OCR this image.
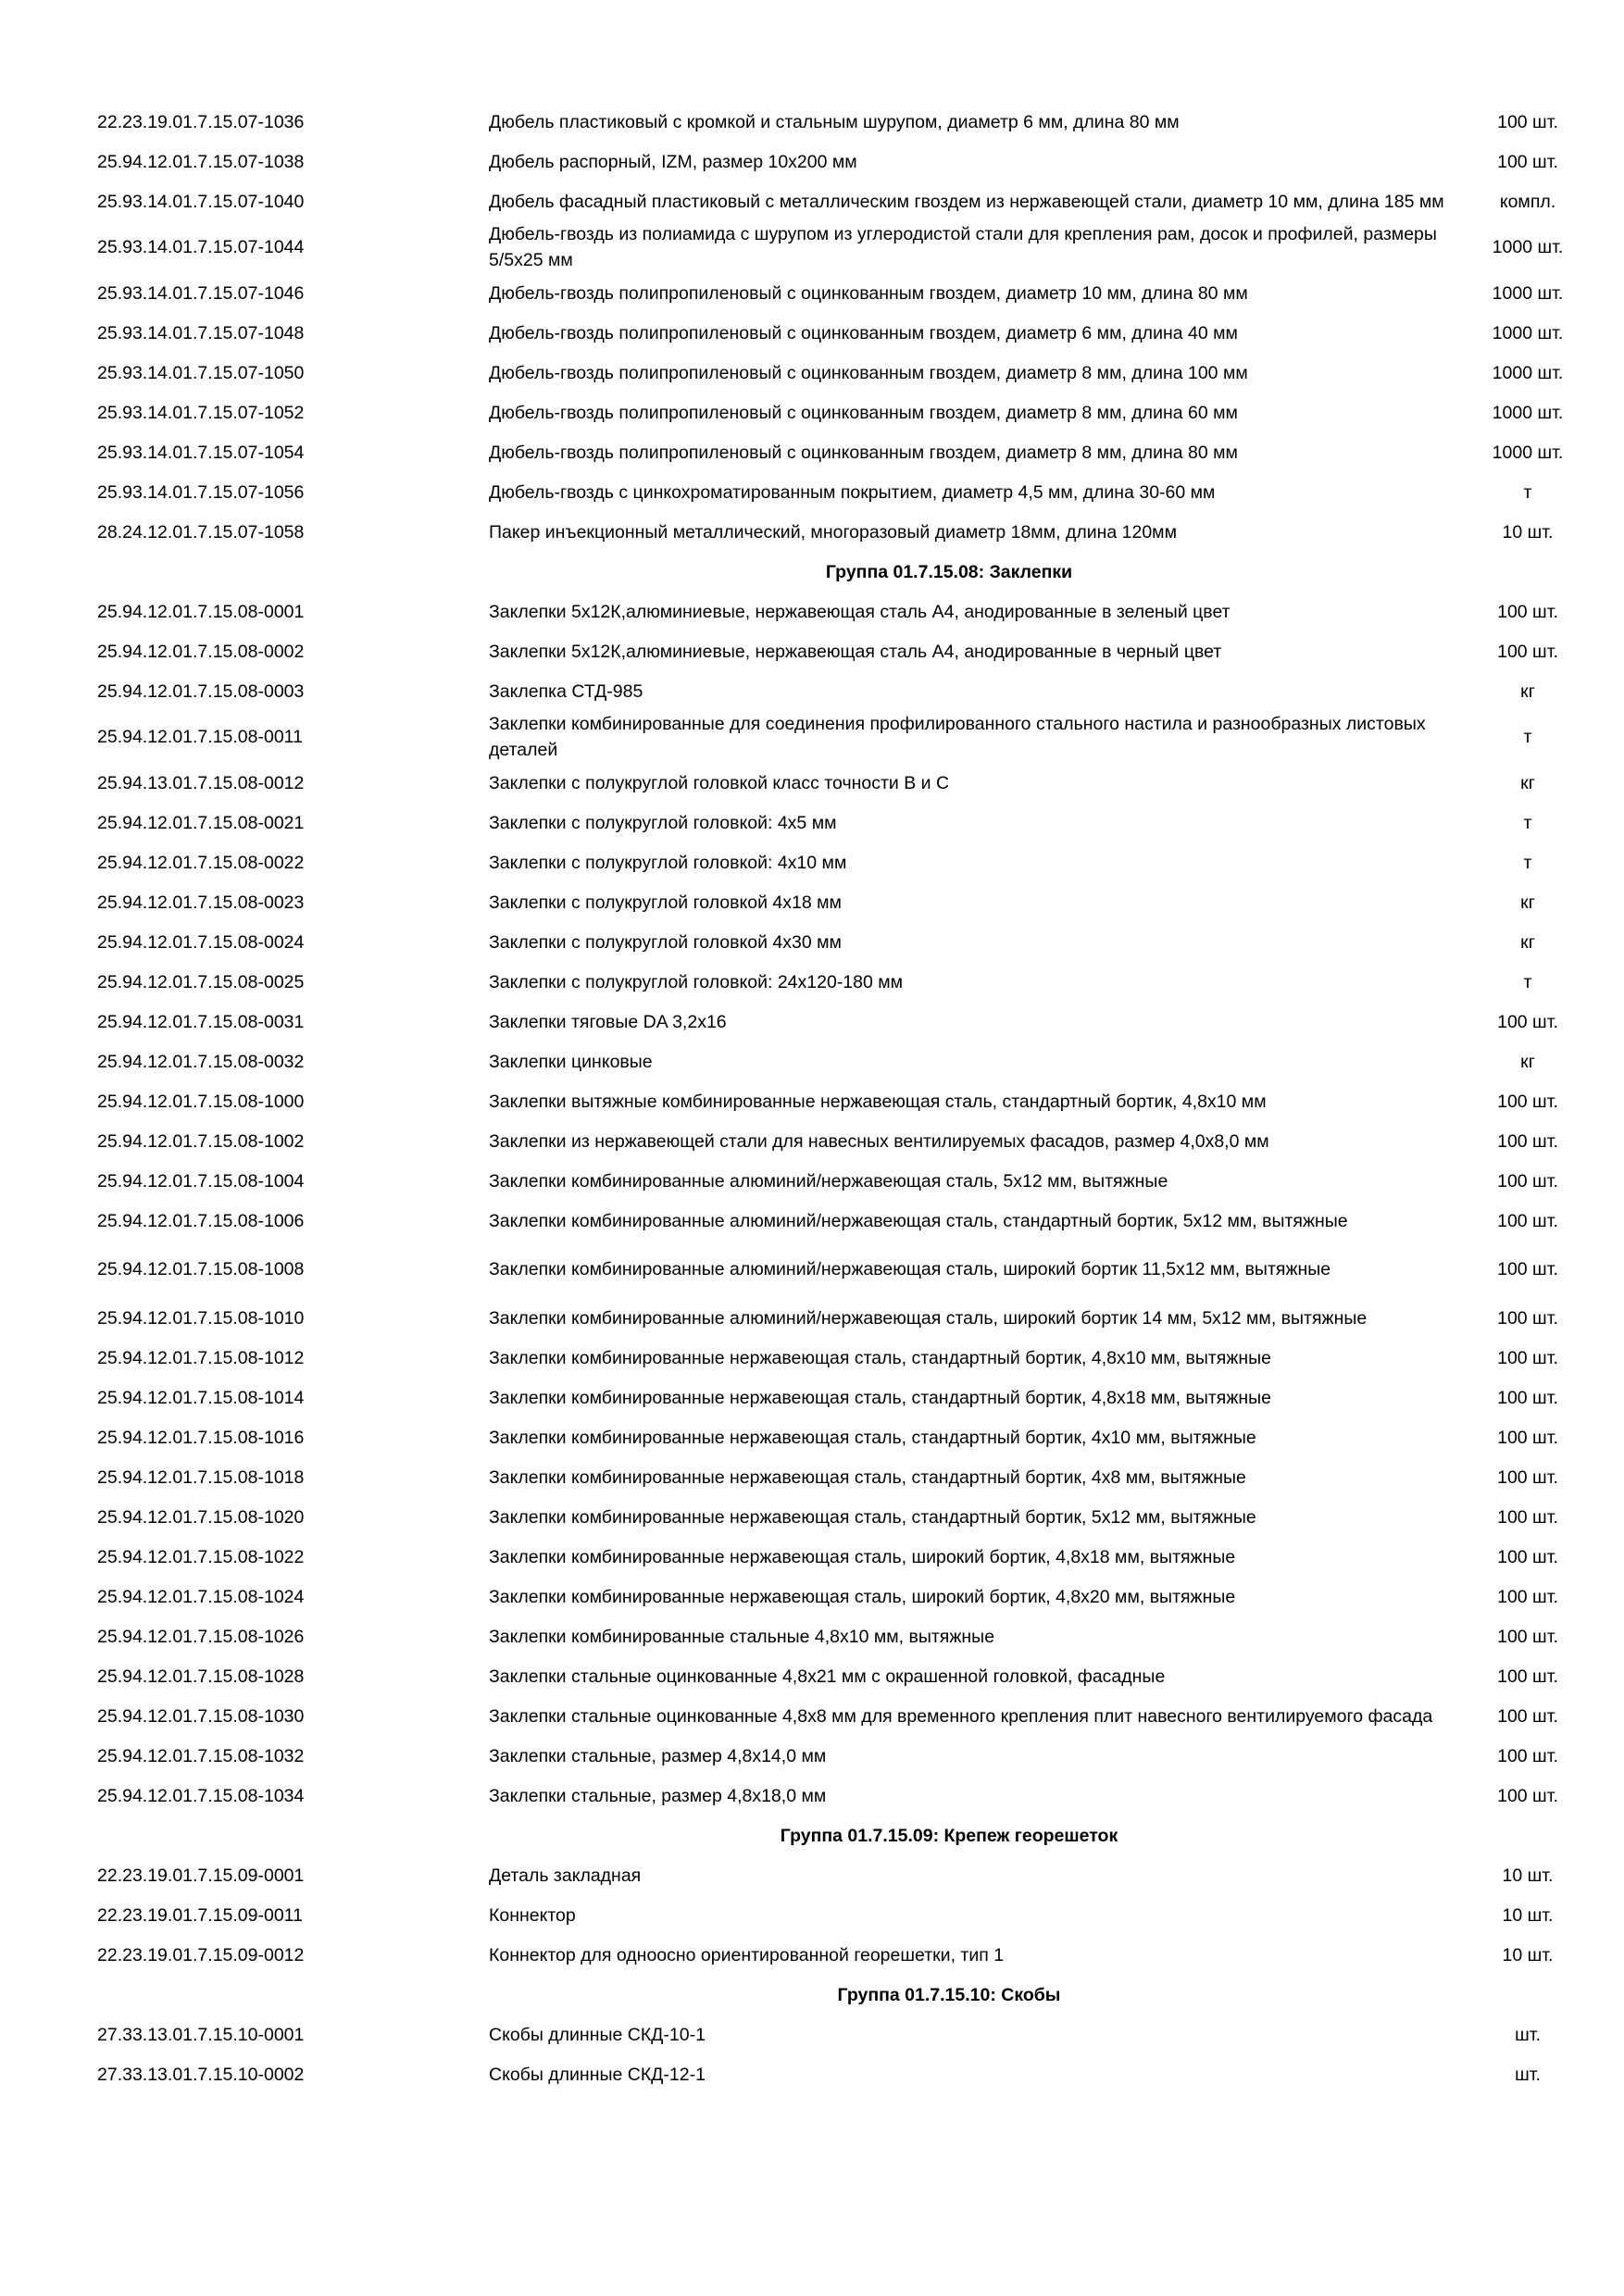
22.23.19.01.7.15.07-1036	Дюбель пластиковый с кромкой и стальным шурупом, диаметр 6 мм, длина 80 мм	100 шт.
25.94.12.01.7.15.07-1038	Дюбель распорный, IZM, размер 10х200 мм	100 шт.
25.93.14.01.7.15.07-1040	Дюбель фасадный пластиковый с металлическим гвоздем из нержавеющей стали, диаметр 10 мм, длина 185 мм	компл.
25.93.14.01.7.15.07-1044	Дюбель-гвоздь из полиамида с шурупом из углеродистой стали для крепления рам, досок и профилей, размеры 5/5х25 мм	1000 шт.
25.93.14.01.7.15.07-1046	Дюбель-гвоздь полипропиленовый с оцинкованным гвоздем, диаметр 10 мм, длина 80 мм	1000 шт.
25.93.14.01.7.15.07-1048	Дюбель-гвоздь полипропиленовый с оцинкованным гвоздем, диаметр 6 мм, длина 40 мм	1000 шт.
25.93.14.01.7.15.07-1050	Дюбель-гвоздь полипропиленовый с оцинкованным гвоздем, диаметр 8 мм, длина 100 мм	1000 шт.
25.93.14.01.7.15.07-1052	Дюбель-гвоздь полипропиленовый с оцинкованным гвоздем, диаметр 8 мм, длина 60 мм	1000 шт.
25.93.14.01.7.15.07-1054	Дюбель-гвоздь полипропиленовый с оцинкованным гвоздем, диаметр 8 мм, длина 80 мм	1000 шт.
25.93.14.01.7.15.07-1056	Дюбель-гвоздь с цинкохроматированным покрытием, диаметр 4,5 мм, длина 30-60 мм	т
28.24.12.01.7.15.07-1058	Пакер инъекционный металлический, многоразовый диаметр 18мм, длина 120мм	10 шт.
Группа 01.7.15.08: Заклепки		
25.94.12.01.7.15.08-0001	Заклепки 5х12К,алюминиевые, нержавеющая сталь А4, анодированные в зеленый цвет	100 шт.
25.94.12.01.7.15.08-0002	Заклепки 5х12К,алюминиевые, нержавеющая сталь А4, анодированные в черный цвет	100 шт.
25.94.12.01.7.15.08-0003	Заклепка СТД-985	кг
25.94.12.01.7.15.08-0011	Заклепки комбинированные для соединения профилированного стального настила и разнообразных листовых деталей	т
25.94.13.01.7.15.08-0012	Заклепки с полукруглой головкой класс точности В и С	кг
25.94.12.01.7.15.08-0021	Заклепки с полукруглой головкой: 4х5 мм	т
25.94.12.01.7.15.08-0022	Заклепки с полукруглой головкой: 4х10 мм	т
25.94.12.01.7.15.08-0023	Заклепки с полукруглой головкой 4х18 мм	кг
25.94.12.01.7.15.08-0024	Заклепки с полукруглой головкой 4х30 мм	кг
25.94.12.01.7.15.08-0025	Заклепки с полукруглой головкой: 24х120-180 мм	т
25.94.12.01.7.15.08-0031	Заклепки тяговые DA 3,2х16	100 шт.
25.94.12.01.7.15.08-0032	Заклепки цинковые	кг
25.94.12.01.7.15.08-1000	Заклепки вытяжные комбинированные нержавеющая сталь, стандартный бортик, 4,8х10 мм	100 шт.
25.94.12.01.7.15.08-1002	Заклепки из нержавеющей стали для навесных вентилируемых фасадов, размер 4,0х8,0 мм	100 шт.
25.94.12.01.7.15.08-1004	Заклепки комбинированные алюминий/нержавеющая сталь, 5х12 мм, вытяжные	100 шт.
25.94.12.01.7.15.08-1006	Заклепки комбинированные алюминий/нержавеющая сталь, стандартный бортик, 5х12 мм, вытяжные	100 шт.
25.94.12.01.7.15.08-1008	Заклепки комбинированные алюминий/нержавеющая сталь, широкий бортик 11,5х12 мм, вытяжные	100 шт.
25.94.12.01.7.15.08-1010	Заклепки комбинированные алюминий/нержавеющая сталь, широкий бортик 14 мм, 5х12 мм, вытяжные	100 шт.
25.94.12.01.7.15.08-1012	Заклепки комбинированные нержавеющая сталь, стандартный бортик, 4,8х10 мм, вытяжные	100 шт.
25.94.12.01.7.15.08-1014	Заклепки комбинированные нержавеющая сталь, стандартный бортик, 4,8х18 мм, вытяжные	100 шт.
25.94.12.01.7.15.08-1016	Заклепки комбинированные нержавеющая сталь, стандартный бортик, 4х10 мм, вытяжные	100 шт.
25.94.12.01.7.15.08-1018	Заклепки комбинированные нержавеющая сталь, стандартный бортик, 4х8 мм, вытяжные	100 шт.
25.94.12.01.7.15.08-1020	Заклепки комбинированные нержавеющая сталь, стандартный бортик, 5х12 мм, вытяжные	100 шт.
25.94.12.01.7.15.08-1022	Заклепки комбинированные нержавеющая сталь, широкий бортик, 4,8х18 мм, вытяжные	100 шт.
25.94.12.01.7.15.08-1024	Заклепки комбинированные нержавеющая сталь, широкий бортик, 4,8х20 мм, вытяжные	100 шт.
25.94.12.01.7.15.08-1026	Заклепки комбинированные стальные 4,8х10 мм, вытяжные	100 шт.
25.94.12.01.7.15.08-1028	Заклепки стальные оцинкованные 4,8х21 мм с окрашенной головкой, фасадные	100 шт.
25.94.12.01.7.15.08-1030	Заклепки стальные оцинкованные 4,8х8 мм для временного крепления плит навесного вентилируемого фасада	100 шт.
25.94.12.01.7.15.08-1032	Заклепки стальные, размер 4,8х14,0 мм	100 шт.
25.94.12.01.7.15.08-1034	Заклепки стальные, размер 4,8х18,0 мм	100 шт.
Группа 01.7.15.09: Крепеж георешеток		
22.23.19.01.7.15.09-0001	Деталь закладная	10 шт.
22.23.19.01.7.15.09-0011	Коннектор	10 шт.
22.23.19.01.7.15.09-0012	Коннектор для одноосно ориентированной георешетки, тип 1	10 шт.
Группа 01.7.15.10: Скобы		
27.33.13.01.7.15.10-0001	Скобы длинные СКД-10-1	шт.
27.33.13.01.7.15.10-0002	Скобы длинные СКД-12-1	шт.
